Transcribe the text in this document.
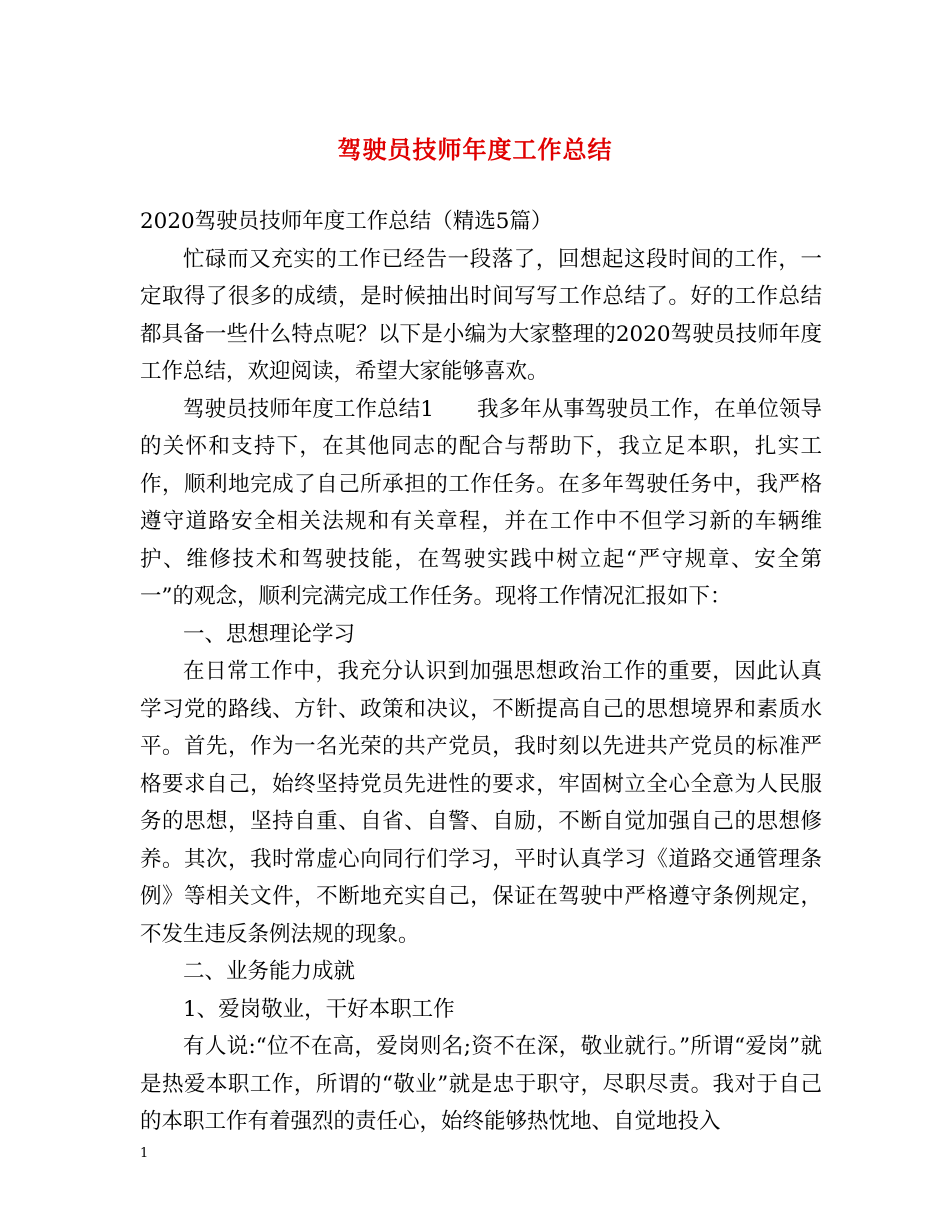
驾驶员技师年度工作总结

2020驾驶员技师年度工作总结（精选5篇）

忙碌而又充实的工作已经告一段落了，回想起这段时间的工作，一定取得了很多的成绩，是时候抽出时间写写工作总结了。好的工作总结都具备一些什么特点呢？以下是小编为大家整理的2020驾驶员技师年度工作总结，欢迎阅读，希望大家能够喜欢。

驾驶员技师年度工作总结1　　我多年从事驾驶员工作，在单位领导的关怀和支持下，在其他同志的配合与帮助下，我立足本职，扎实工作，顺利地完成了自己所承担的工作任务。在多年驾驶任务中，我严格遵守道路安全相关法规和有关章程，并在工作中不但学习新的车辆维护、维修技术和驾驶技能，在驾驶实践中树立起“严守规章、安全第一”的观念，顺利完满完成工作任务。现将工作情况汇报如下：

一、思想理论学习

在日常工作中，我充分认识到加强思想政治工作的重要，因此认真学习党的路线、方针、政策和决议，不断提高自己的思想境界和素质水平。首先，作为一名光荣的共产党员，我时刻以先进共产党员的标准严格要求自己，始终坚持党员先进性的要求，牢固树立全心全意为人民服务的思想，坚持自重、自省、自警、自励，不断自觉加强自己的思想修养。其次，我时常虚心向同行们学习，平时认真学习《道路交通管理条例》等相关文件，不断地充实自己，保证在驾驶中严格遵守条例规定，不发生违反条例法规的现象。

二、业务能力成就

1、爱岗敬业，干好本职工作

有人说:“位不在高，爱岗则名;资不在深，敬业就行。”所谓“爱岗”就是热爱本职工作，所谓的“敬业”就是忠于职守，尽职尽责。我对于自己的本职工作有着强烈的责任心，始终能够热忱地、自觉地投入

1
